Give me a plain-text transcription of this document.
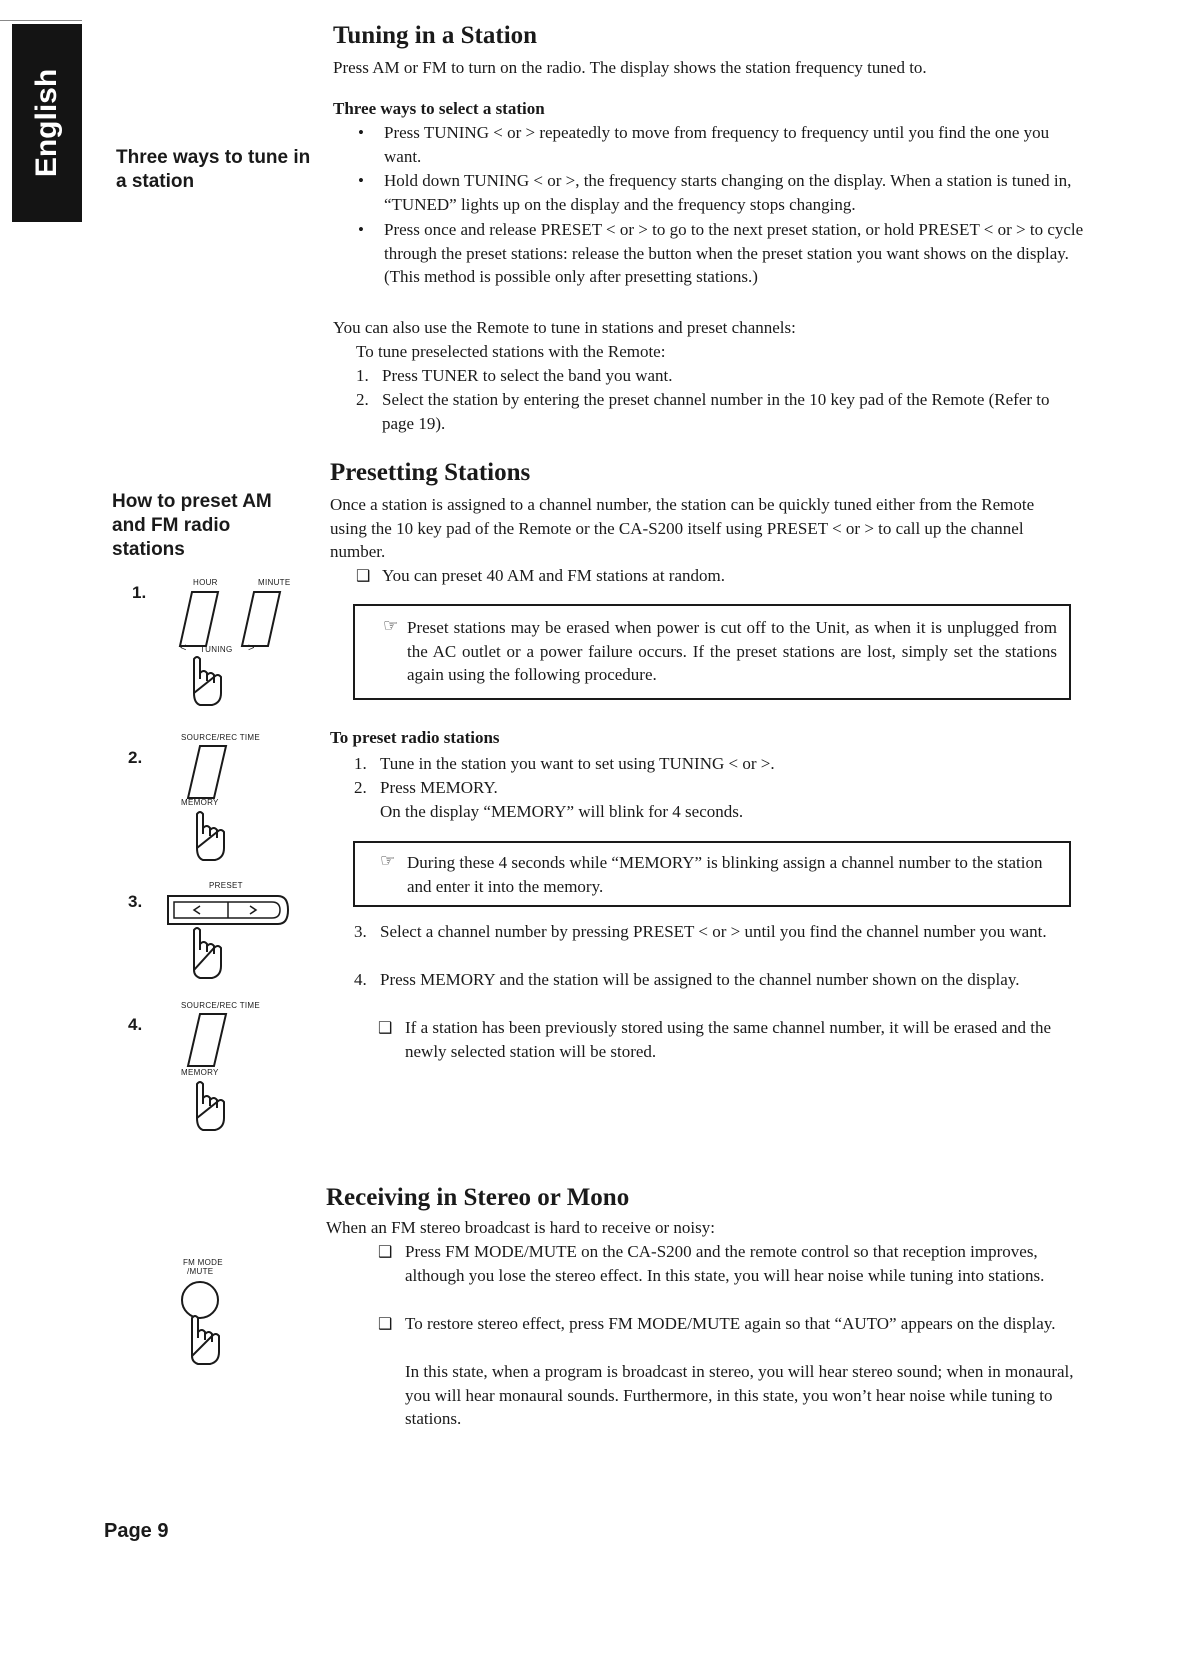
English	Three ways to tune in a station
How to preset AM and FM radio stations
Tuning in a Station
Press AM or FM to turn on the radio. The display shows the station frequency tuned to.
Three ways to select a station
• Press TUNING < or > repeatedly to move from frequency to frequency until you find the one you want.
• Hold down TUNING < or >, the frequency starts changing on the display. When a station is tuned in, “TUNED” lights up on the display and the frequency stops changing.
• Press once and release PRESET < or > to go to the next preset station, or hold PRESET < or > to cycle through the preset stations: release the button when the preset station you want shows on the display. (This method is possible only after presetting stations.)
You can also use the Remote to tune in stations and preset channels:
To tune preselected stations with the Remote:
1. Press TUNER to select the band you want.
2. Select the station by entering the preset channel number in the 10 key pad of the Remote (Refer to page 19).
Presetting Stations
Once a station is assigned to a channel number, the station can be quickly tuned either from the Remote using the 10 key pad of the Remote or the CA-S200 itself using PRESET < or > to call up the channel number.
❑ You can preset 40 AM and FM stations at random.
☞ Preset stations may be erased when power is cut off to the Unit, as when it is unplugged from the AC outlet or a power failure occurs. If the preset stations are lost, simply set the stations again using the following procedure.
To preset radio stations
1. Tune in the station you want to set using TUNING < or >.
2. Press MEMORY.
On the display “MEMORY” will blink for 4 seconds.
☞ During these 4 seconds while “MEMORY” is blinking assign a channel number to the station and enter it into the memory.
3. Select a channel number by pressing PRESET < or > until you find the channel number you want.
4. Press MEMORY and the station will be assigned to the channel number shown on the display.
❑ If a station has been previously stored using the same channel number, it will be erased and the newly selected station will be stored.
Receiving in Stereo or Mono
When an FM stereo broadcast is hard to receive or noisy:
❑ Press FM MODE/MUTE on the CA-S200 and the remote control so that reception improves, although you lose the stereo effect. In this state, you will hear noise while tuning into stations.
❑ To restore stereo effect, press FM MODE/MUTE again so that “AUTO” appears on the display.
In this state, when a program is broadcast in stereo, you will hear stereo sound; when in monaural, you will hear monaural sounds. Furthermore, in this state, you won’t hear noise while tuning to stations.
1.
HOUR	MINUTE
< TUNING >
2.
SOURCE/REC TIME
MEMORY
3.
PRESET
4.
SOURCE/REC TIME
MEMORY
FM MODE
/MUTE
Page 9
